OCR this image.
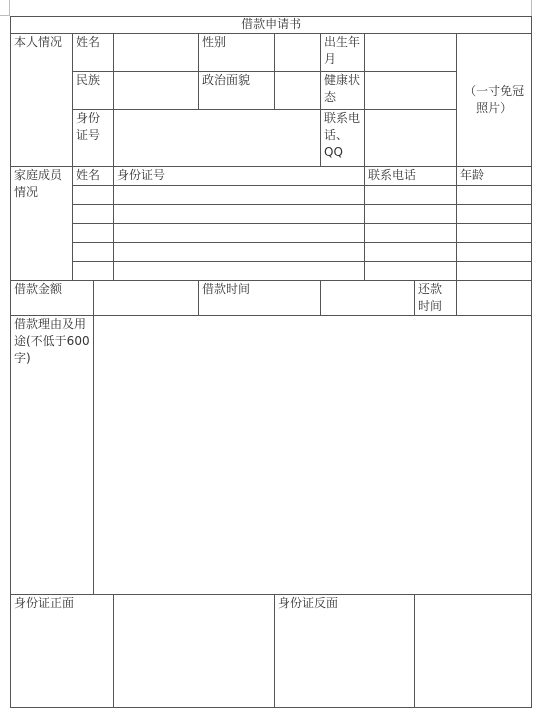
借款申请书									
本人情况	姓名			性别		出生年月			（一寸免冠照片）
	民族			政治面貌		健康状态			
	身份证号					联系电话、QQ			
家庭成员情况	姓名		身份证号				联系电话		年龄

借款金额				借款时间				还款时间	
借款理由及用途(不低于600字)									
身份证正面					身份证反面				
